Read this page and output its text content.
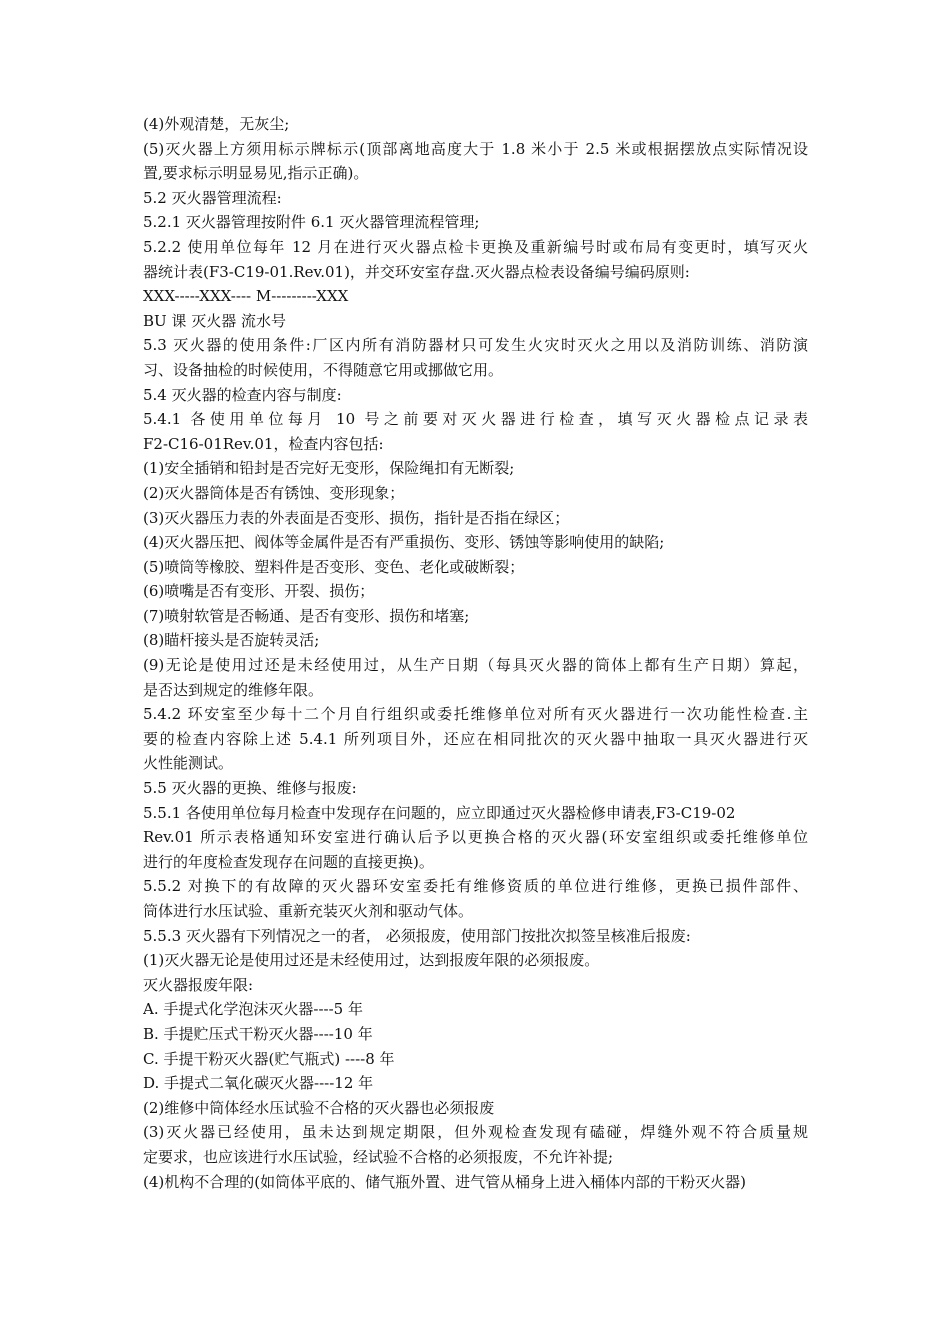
(4)外观清楚，无灰尘;
(5)灭火器上方须用标示牌标示(顶部离地高度大于 1.8 米小于 2.5 米或根据摆放点实际情况设
置,要求标示明显易见,指示正确)。
5.2 灭火器管理流程:
5.2.1 灭火器管理按附件 6.1 灭火器管理流程管理;
5.2.2 使用单位每年 12 月在进行灭火器点检卡更换及重新编号时或布局有变更时，填写灭火
器统计表(F3-C19-01.Rev.01)，并交环安室存盘.灭火器点检表设备编号编码原则:
XXX-----XXX---- M---------XXX
BU 课 灭火器 流水号
5.3 灭火器的使用条件:厂区内所有消防器材只可发生火灾时灭火之用以及消防训练、消防演
习、设备抽检的时候使用，不得随意它用或挪做它用。
5.4 灭火器的检查内容与制度:
5.4.1 各使用单位每月 10 号之前要对灭火器进行检查，填写灭火器检点记录表
F2-C16-01Rev.01，检查内容包括:
(1)安全插销和铅封是否完好无变形，保险绳扣有无断裂;
(2)灭火器筒体是否有锈蚀、变形现象；
(3)灭火器压力表的外表面是否变形、损伤，指针是否指在绿区；
(4)灭火器压把、阀体等金属件是否有严重损伤、变形、锈蚀等影响使用的缺陷;
(5)喷筒等橡胶、塑料件是否变形、变色、老化或破断裂；
(6)喷嘴是否有变形、开裂、损伤；
(7)喷射软管是否畅通、是否有变形、损伤和堵塞;
(8)瞄杆接头是否旋转灵活;
(9)无论是使用过还是未经使用过，从生产日期（每具灭火器的筒体上都有生产日期）算起，
是否达到规定的维修年限。
5.4.2 环安室至少每十二个月自行组织或委托维修单位对所有灭火器进行一次功能性检查.主
要的检查内容除上述 5.4.1 所列项目外，还应在相同批次的灭火器中抽取一具灭火器进行灭
火性能测试。
5.5 灭火器的更换、维修与报废:
5.5.1 各使用单位每月检查中发现存在问题的，应立即通过灭火器检修申请表,F3-C19-02
Rev.01 所示表格通知环安室进行确认后予以更换合格的灭火器(环安室组织或委托维修单位
进行的年度检查发现存在问题的直接更换)。
5.5.2 对换下的有故障的灭火器环安室委托有维修资质的单位进行维修，更换已损件部件、
筒体进行水压试验、重新充装灭火剂和驱动气体。
5.5.3 灭火器有下列情况之一的者， 必须报废，使用部门按批次拟签呈核准后报废:
(1)灭火器无论是使用过还是未经使用过，达到报废年限的必须报废。
灭火器报废年限:
A. 手提式化学泡沫灭火器----5 年
B. 手提贮压式干粉灭火器----10 年
C. 手提干粉灭火器(贮气瓶式) ----8 年
D. 手提式二氧化碳灭火器----12 年
(2)维修中筒体经水压试验不合格的灭火器也必须报废
(3)灭火器已经使用，虽未达到规定期限，但外观检查发现有磕碰，焊缝外观不符合质量规
定要求，也应该进行水压试验，经试验不合格的必须报废，不允许补提;
(4)机构不合理的(如筒体平底的、储气瓶外置、进气管从桶身上进入桶体内部的干粉灭火器)
